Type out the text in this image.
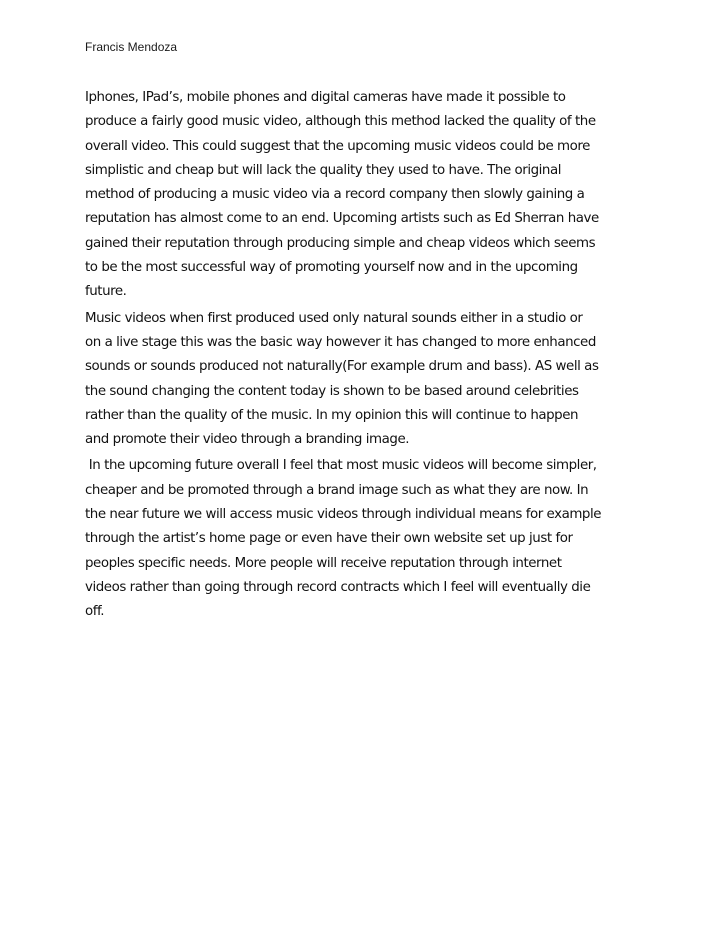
Francis Mendoza
Iphones, IPad’s, mobile phones and digital cameras have made it possible to
produce a fairly good music video, although this method lacked the quality of the
overall video. This could suggest that the upcoming music videos could be more
simplistic and cheap but will lack the quality they used to have. The original
method of producing a music video via a record company then slowly gaining a
reputation has almost come to an end. Upcoming artists such as Ed Sherran have
gained their reputation through producing simple and cheap videos which seems
to be the most successful way of promoting yourself now and in the upcoming
future.
Music videos when first produced used only natural sounds either in a studio or
on a live stage this was the basic way however it has changed to more enhanced
sounds or sounds produced not naturally(For example drum and bass). AS well as
the sound changing the content today is shown to be based around celebrities
rather than the quality of the music. In my opinion this will continue to happen
and promote their video through a branding image.
In the upcoming future overall I feel that most music videos will become simpler,
cheaper and be promoted through a brand image such as what they are now. In
the near future we will access music videos through individual means for example
through the artist’s home page or even have their own website set up just for
peoples specific needs. More people will receive reputation through internet
videos rather than going through record contracts which I feel will eventually die
off.
